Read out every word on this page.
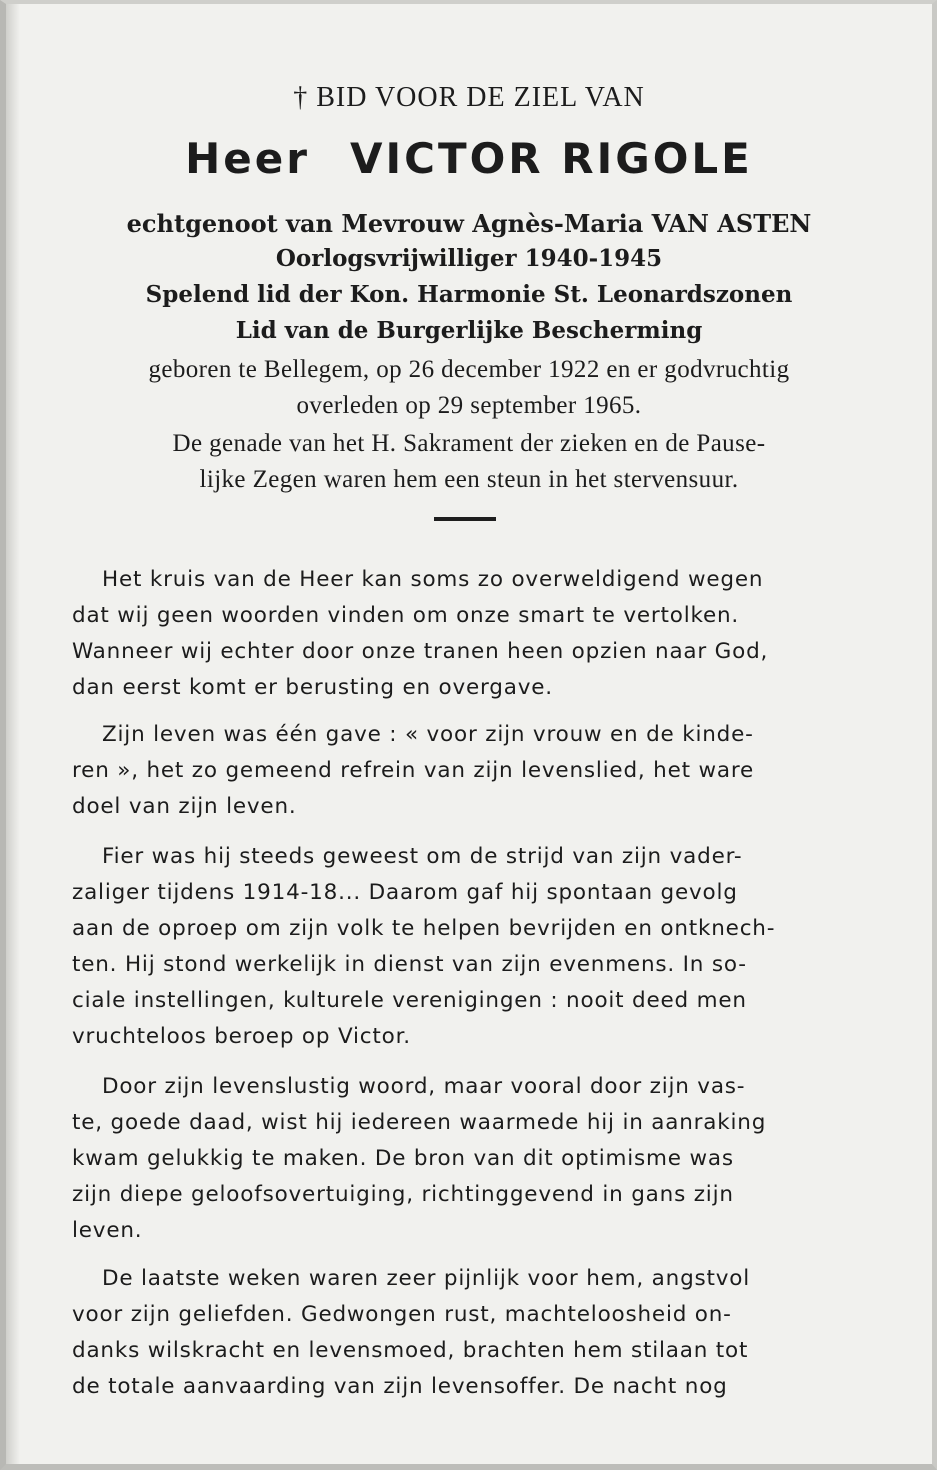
† BID VOOR DE ZIEL VAN
Heer VICTOR RIGOLE
echtgenoot van Mevrouw Agnès-Maria VAN ASTEN
Oorlogsvrijwilliger 1940-1945
Spelend lid der Kon. Harmonie St. Leonardszonen
Lid van de Burgerlijke Bescherming
geboren te Bellegem, op 26 december 1922 en er godvruchtig
overleden op 29 september 1965.
De genade van het H. Sakrament der zieken en de Pause-
lijke Zegen waren hem een steun in het stervensuur.
Het kruis van de Heer kan soms zo overweldigend wegen
dat wij geen woorden vinden om onze smart te vertolken.
Wanneer wij echter door onze tranen heen opzien naar God,
dan eerst komt er berusting en overgave.
Zijn leven was één gave : « voor zijn vrouw en de kinde-
ren », het zo gemeend refrein van zijn levenslied, het ware
doel van zijn leven.
Fier was hij steeds geweest om de strijd van zijn vader-
zaliger tijdens 1914-18... Daarom gaf hij spontaan gevolg
aan de oproep om zijn volk te helpen bevrijden en ontknech-
ten. Hij stond werkelijk in dienst van zijn evenmens. In so-
ciale instellingen, kulturele verenigingen : nooit deed men
vruchteloos beroep op Victor.
Door zijn levenslustig woord, maar vooral door zijn vas-
te, goede daad, wist hij iedereen waarmede hij in aanraking
kwam gelukkig te maken. De bron van dit optimisme was
zijn diepe geloofsovertuiging, richtinggevend in gans zijn
leven.
De laatste weken waren zeer pijnlijk voor hem, angstvol
voor zijn geliefden. Gedwongen rust, machteloosheid on-
danks wilskracht en levensmoed, brachten hem stilaan tot
de totale aanvaarding van zijn levensoffer. De nacht nog
